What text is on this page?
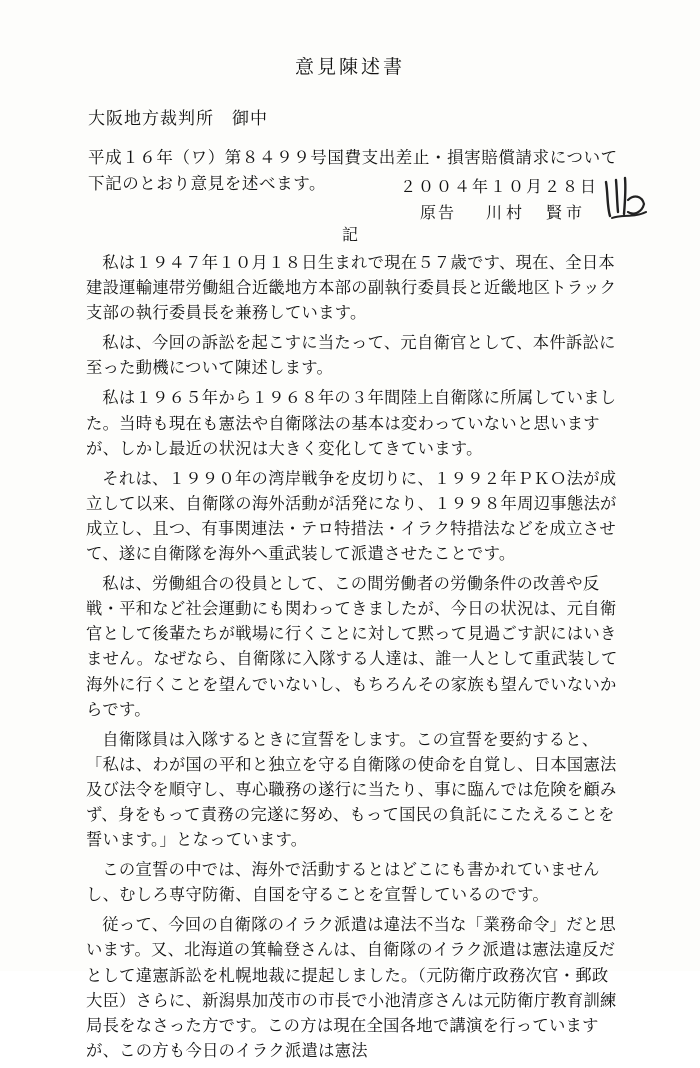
意見陳述書
大阪地方裁判所　御中
平成１６年（ワ）第８４９９号国費支出差止・損害賠償請求について下記のとおり意見を述べます。	２００４年１０月２８日
原告 川村　賢市
記

私は１９４７年１０月１８日生まれで現在５７歳です、現在、全日本建設運輸連帯労働組合近畿地方本部の副執行委員長と近畿地区トラック支部の執行委員長を兼務しています。

私は、今回の訴訟を起こすに当たって、元自衛官として、本件訴訟に至った動機について陳述します。

私は１９６５年から１９６８年の３年間陸上自衛隊に所属していました。当時も現在も憲法や自衛隊法の基本は変わっていないと思いますが、しかし最近の状況は大きく変化してきています。

それは、１９９０年の湾岸戦争を皮切りに、１９９２年ＰＫＯ法が成立して以来、自衛隊の海外活動が活発になり、１９９８年周辺事態法が成立し、且つ、有事関連法・テロ特措法・イラク特措法などを成立させて、遂に自衛隊を海外へ重武装して派遣させたことです。

私は、労働組合の役員として、この間労働者の労働条件の改善や反戦・平和など社会運動にも関わってきましたが、今日の状況は、元自衛官として後輩たちが戦場に行くことに対して黙って見過ごす訳にはいきません。なぜなら、自衛隊に入隊する人達は、誰一人として重武装して海外に行くことを望んでいないし、もちろんその家族も望んでいないからです。

自衛隊員は入隊するときに宣誓をします。この宣誓を要約すると、「私は、わが国の平和と独立を守る自衛隊の使命を自覚し、日本国憲法及び法令を順守し、専心職務の遂行に当たり、事に臨んでは危険を顧みず、身をもって責務の完遂に努め、もって国民の負託にこたえることを誓います。」となっています。

この宣誓の中では、海外で活動するとはどこにも書かれていませんし、むしろ専守防衛、自国を守ることを宣誓しているのです。

従って、今回の自衛隊のイラク派遣は違法不当な「業務命令」だと思います。又、北海道の箕輪登さんは、自衛隊のイラク派遣は憲法違反だとして違憲訴訟を札幌地裁に提起しました。（元防衛庁政務次官・郵政大臣）さらに、新潟県加茂市の市長で小池清彦さんは元防衛庁教育訓練局長をなさった方です。この方は現在全国各地で講演を行っていますが、この方も今日のイラク派遣は憲法
